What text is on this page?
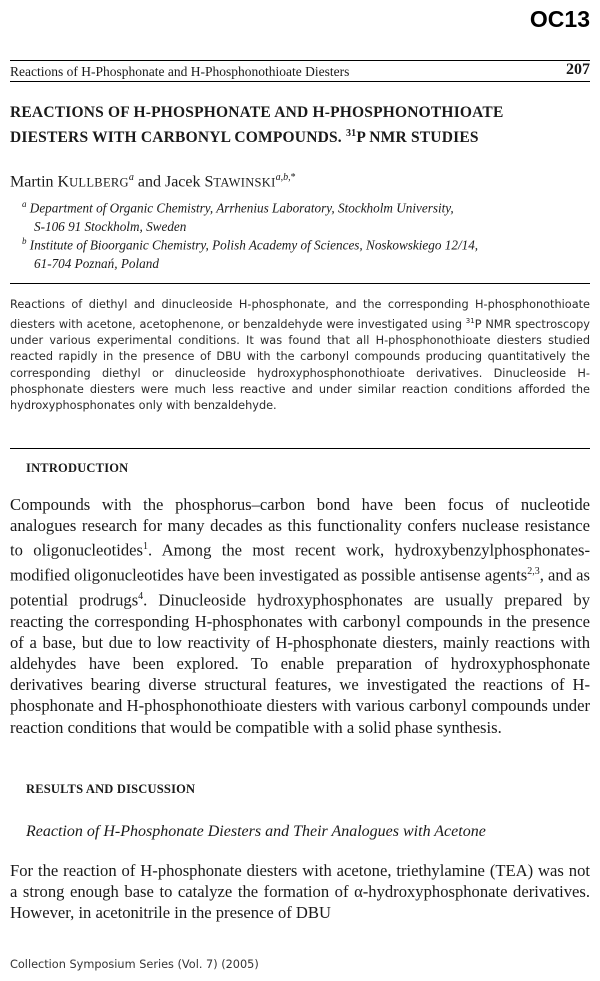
OC13
Reactions of H-Phosphonate and H-Phosphonothioate Diesters	207
REACTIONS OF H-PHOSPHONATE AND H-PHOSPHONOTHIOATE
DIESTERS WITH CARBONYL COMPOUNDS. $^{31}$P NMR STUDIES
Martin KULLBERG$^a$ and Jacek $STAWINSKI^{a,b,*}$
$^a$ Department of Organic Chemistry, Arrhenius Laboratory, Stockholm University,
S-106 91 Stockholm, Sweden
$^b$ Institute of Bioorganic Chemistry, Polish Academy of Sciences, Noskowskiego 12/14,
61-704 Poznań, Poland
Reactions of diethyl and dinucleoside H-phosphonate, and the corresponding H-phosphonothioate diesters with acetone, acetophenone, or benzaldehyde were investigated using $^{31}$P NMR spectroscopy under various experimental conditions. It was found that all H-phosphonothioate diesters studied reacted rapidly in the presence of DBU with the carbonyl compounds producing quantitatively the corresponding diethyl or dinucleoside hydroxyphosphonothioate derivatives. Dinucleoside H-phosphonate diesters were much less reactive and under similar reaction conditions afforded the hydroxyphosphonates only with benzaldehyde.
INTRODUCTION
Compounds with the phosphorus–carbon bond have been focus of nucleotide analogues research for many decades as this functionality confers nuclease resistance to oligonucleotides$^1$. Among the most recent work, hydroxybenzylphosphonates-modified oligonucleotides have been investigated as possible antisense agents$^{2,3}$, and as potential prodrugs$^4$. Dinucleoside hydroxyphosphonates are usually prepared by reacting the corresponding H-phosphonates with carbonyl compounds in the presence of a base, but due to low reactivity of H-phosphonate diesters, mainly reactions with aldehydes have been explored. To enable preparation of hydroxyphosphonate derivatives bearing diverse structural features, we investigated the reactions of H-phosphonate and H-phosphonothioate diesters with various carbonyl compounds under reaction conditions that would be compatible with a solid phase synthesis.
RESULTS AND DISCUSSION
Reaction of H-Phosphonate Diesters and Their Analogues with Acetone
For the reaction of H-phosphonate diesters with acetone, triethylamine (TEA) was not a strong enough base to catalyze the formation of α-hydroxyphosphonate derivatives. However, in acetonitrile in the presence of DBU
Collection Symposium Series (Vol. 7) (2005)
